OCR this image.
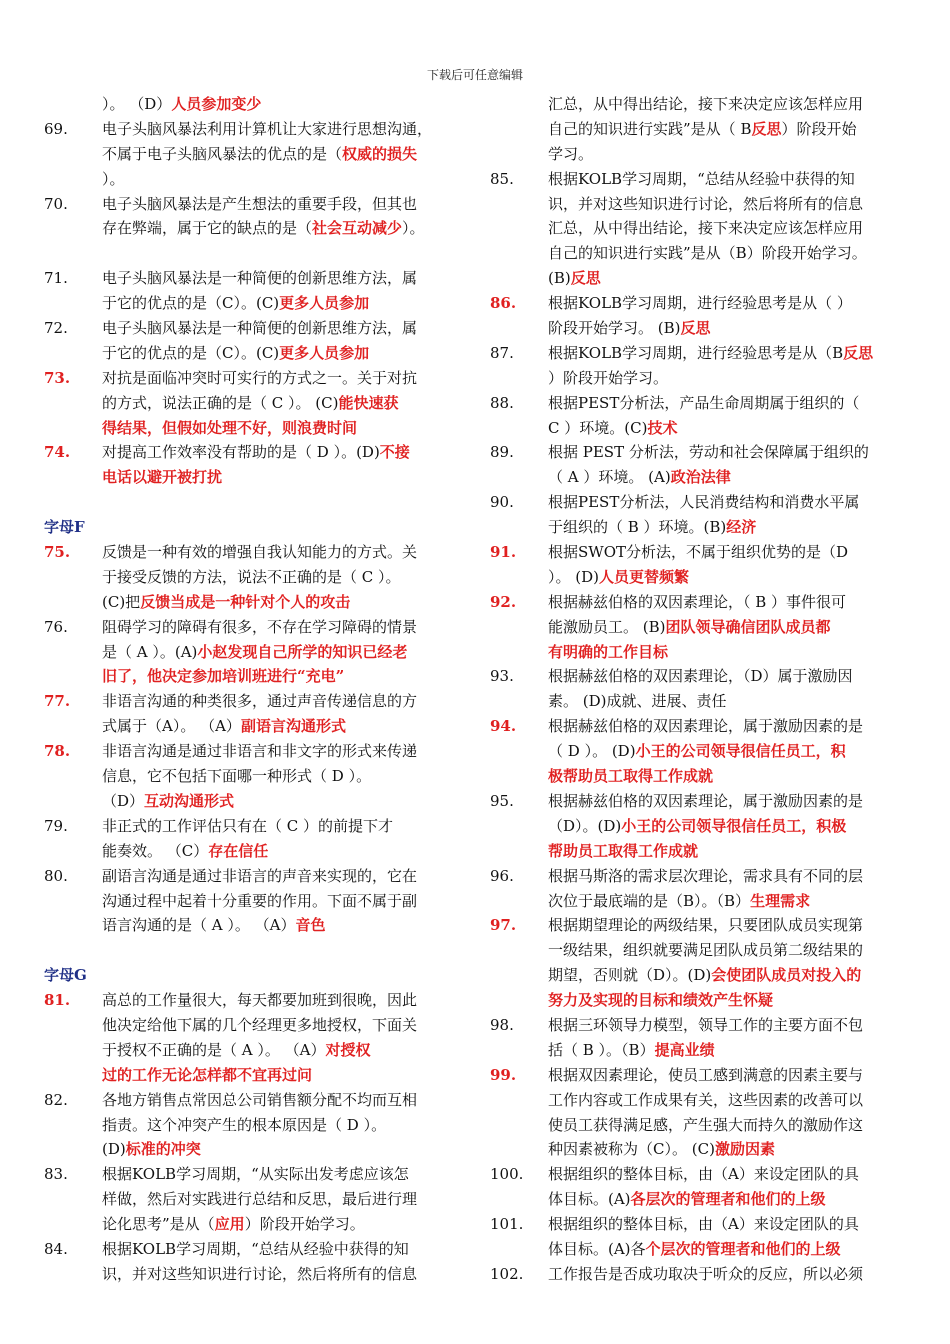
下载后可任意编辑
）。 （D）人员参加变少
69. 电子头脑风暴法利用计算机让大家进行思想沟通，
不属于电子头脑风暴法的优点的是（权威的损失
）。
70. 电子头脑风暴法是产生想法的重要手段，但其也
存在弊端，属于它的缺点的是（社会互动减少）。
71. 电子头脑风暴法是一种简便的创新思维方法，属
于它的优点的是（C）。(C)更多人员参加
72. 电子头脑风暴法是一种简便的创新思维方法，属
于它的优点的是（C）。(C)更多人员参加
73. 对抗是面临冲突时可实行的方式之一。关于对抗
的方式，说法正确的是（ C ）。 (C)能快速获
得结果，但假如处理不好，则浪费时间
74. 对提高工作效率没有帮助的是（ D ）。(D)不接
电话以避开被打扰
字母F
75. 反馈是一种有效的增强自我认知能力的方式。关
于接受反馈的方法，说法不正确的是（ C ）。
(C)把反馈当成是一种针对个人的攻击
76. 阻碍学习的障碍有很多，不存在学习障碍的情景
是（ A ）。(A)小赵发现自己所学的知识已经老
旧了，他决定参加培训班进行“充电”
77. 非语言沟通的种类很多，通过声音传递信息的方
式属于（A）。 （A）副语言沟通形式
78. 非语言沟通是通过非语言和非文字的形式来传递
信息，它不包括下面哪一种形式（ D ）。
（D）互动沟通形式
79. 非正式的工作评估只有在（ C ）的前提下才
能奏效。 （C）存在信任
80. 副语言沟通是通过非语言的声音来实现的，它在
沟通过程中起着十分重要的作用。下面不属于副
语言沟通的是（ A ）。 （A）音色
字母G
81. 高总的工作量很大，每天都要加班到很晚，因此
他决定给他下属的几个经理更多地授权，下面关
于授权不正确的是（ A ）。 （A）对授权
过的工作无论怎样都不宜再过问
82. 各地方销售点常因总公司销售额分配不均而互相
指责。这个冲突产生的根本原因是（ D ）。
(D)标准的冲突
83. 根据KOLB学习周期，“从实际出发考虑应该怎
样做，然后对实践进行总结和反思，最后进行理
论化思考”是从（应用）阶段开始学习。
84. 根据KOLB学习周期，“总结从经验中获得的知
识，并对这些知识进行讨论，然后将所有的信息
汇总，从中得出结论，接下来决定应该怎样应用
自己的知识进行实践”是从（ B反思）阶段开始
学习。
85. 根据KOLB学习周期，“总结从经验中获得的知
识，并对这些知识进行讨论，然后将所有的信息
汇总，从中得出结论，接下来决定应该怎样应用
自己的知识进行实践”是从（B）阶段开始学习。
(B)反思
86. 根据KOLB学习周期，进行经验思考是从（ ）
阶段开始学习。 (B)反思
87. 根据KOLB学习周期，进行经验思考是从（B反思
）阶段开始学习。
88. 根据PEST分析法，产品生命周期属于组织的（
C ）环境。(C)技术
89. 根据 PEST 分析法，劳动和社会保障属于组织的
（ A ）环境。 (A)政治法律
90. 根据PEST分析法，人民消费结构和消费水平属
于组织的（ B ）环境。(B)经济
91. 根据SWOT分析法，不属于组织优势的是（D
）。 (D)人员更替频繁
92. 根据赫兹伯格的双因素理论，（ B ）事件很可
能激励员工。 (B)团队领导确信团队成员都
有明确的工作目标
93. 根据赫兹伯格的双因素理论，（D）属于激励因
素。 (D)成就、进展、责任
94. 根据赫兹伯格的双因素理论，属于激励因素的是
（ D ）。 (D)小王的公司领导很信任员工，积
极帮助员工取得工作成就
95. 根据赫兹伯格的双因素理论，属于激励因素的是
（D）。(D)小王的公司领导很信任员工，积极
帮助员工取得工作成就
96. 根据马斯洛的需求层次理论，需求具有不同的层
次位于最底端的是（B）。（B）生理需求
97. 根据期望理论的两级结果，只要团队成员实现第
一级结果，组织就要满足团队成员第二级结果的
期望，否则就（D）。(D)会使团队成员对投入的
努力及实现的目标和绩效产生怀疑
98. 根据三环领导力模型，领导工作的主要方面不包
括（ B ）。（B）提高业绩
99. 根据双因素理论，使员工感到满意的因素主要与
工作内容或工作成果有关，这些因素的改善可以
使员工获得满足感，产生强大而持久的激励作这
种因素被称为（C）。 (C)激励因素
100. 根据组织的整体目标，由（A）来设定团队的具
体目标。(A)各层次的管理者和他们的上级
101. 根据组织的整体目标，由（A）来设定团队的具
体目标。(A)各个层次的管理者和他们的上级
102. 工作报告是否成功取决于听众的反应，所以必须
